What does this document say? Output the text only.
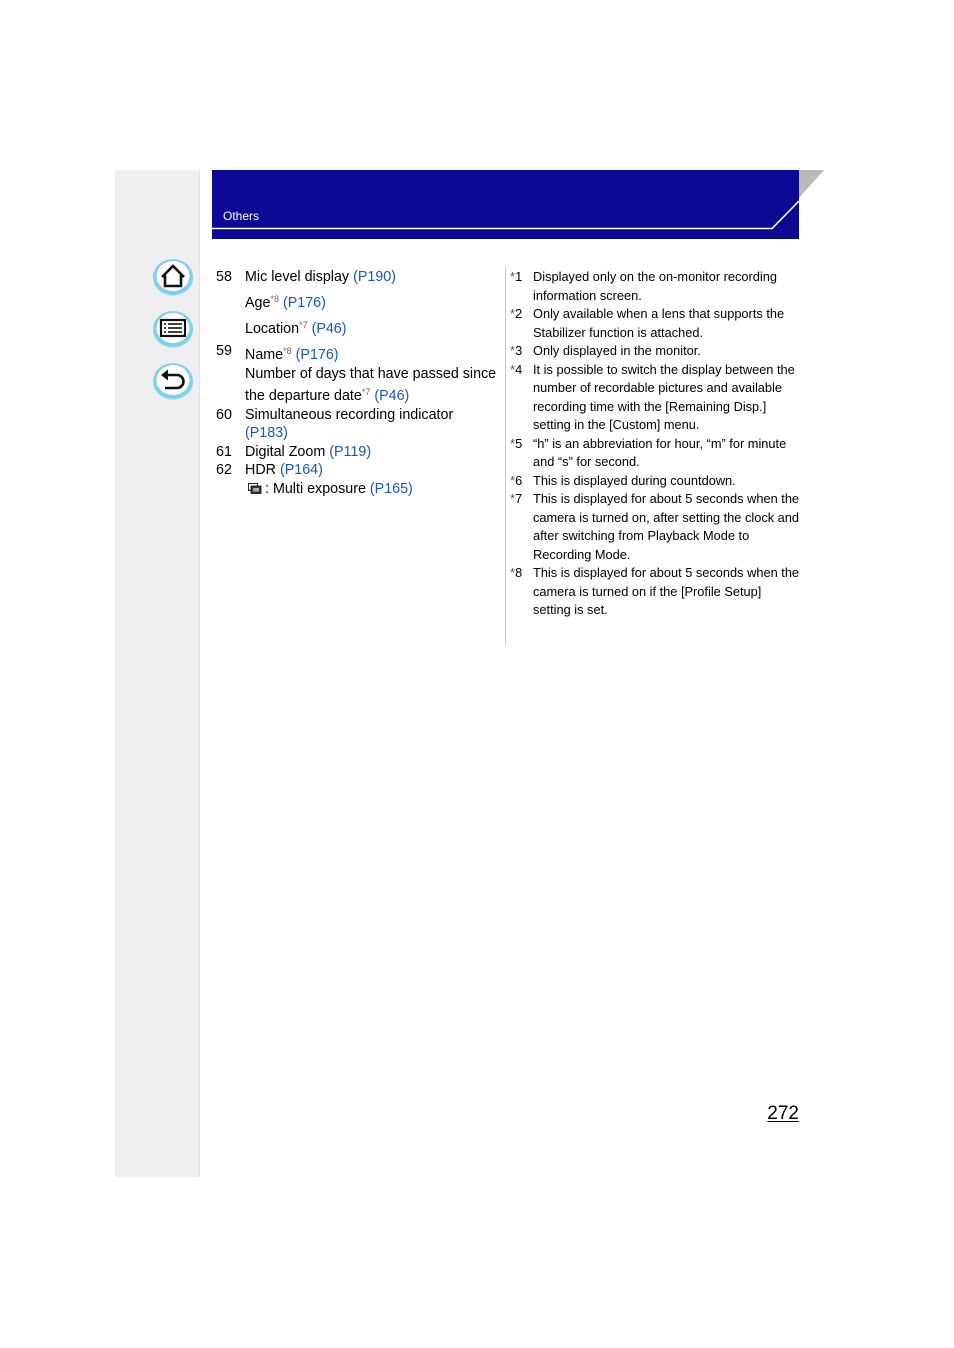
Others
58 Mic level display (P190)
Age$^{*8}$ (P176)
Location$^{*7}$ (P46)
59 Name$^{*8}$ (P176)
Number of days that have passed since
the departure date$^{*7}$ (P46)
60 Simultaneous recording indicator
(P183)
61 Digital Zoom (P119)
62 HDR (P164)
: Multi exposure (P165)
*1 Displayed only on the on-monitor recording information screen.
*2 Only available when a lens that supports the Stabilizer function is attached.
*3 Only displayed in the monitor.
*4 It is possible to switch the display between the number of recordable pictures and available recording time with the [Remaining Disp.] setting in the [Custom] menu.
*5 “h” is an abbreviation for hour, “m” for minute and “s” for second.
*6 This is displayed during countdown.
*7 This is displayed for about 5 seconds when the camera is turned on, after setting the clock and after switching from Playback Mode to Recording Mode.
*8 This is displayed for about 5 seconds when the camera is turned on if the [Profile Setup] setting is set.
272
